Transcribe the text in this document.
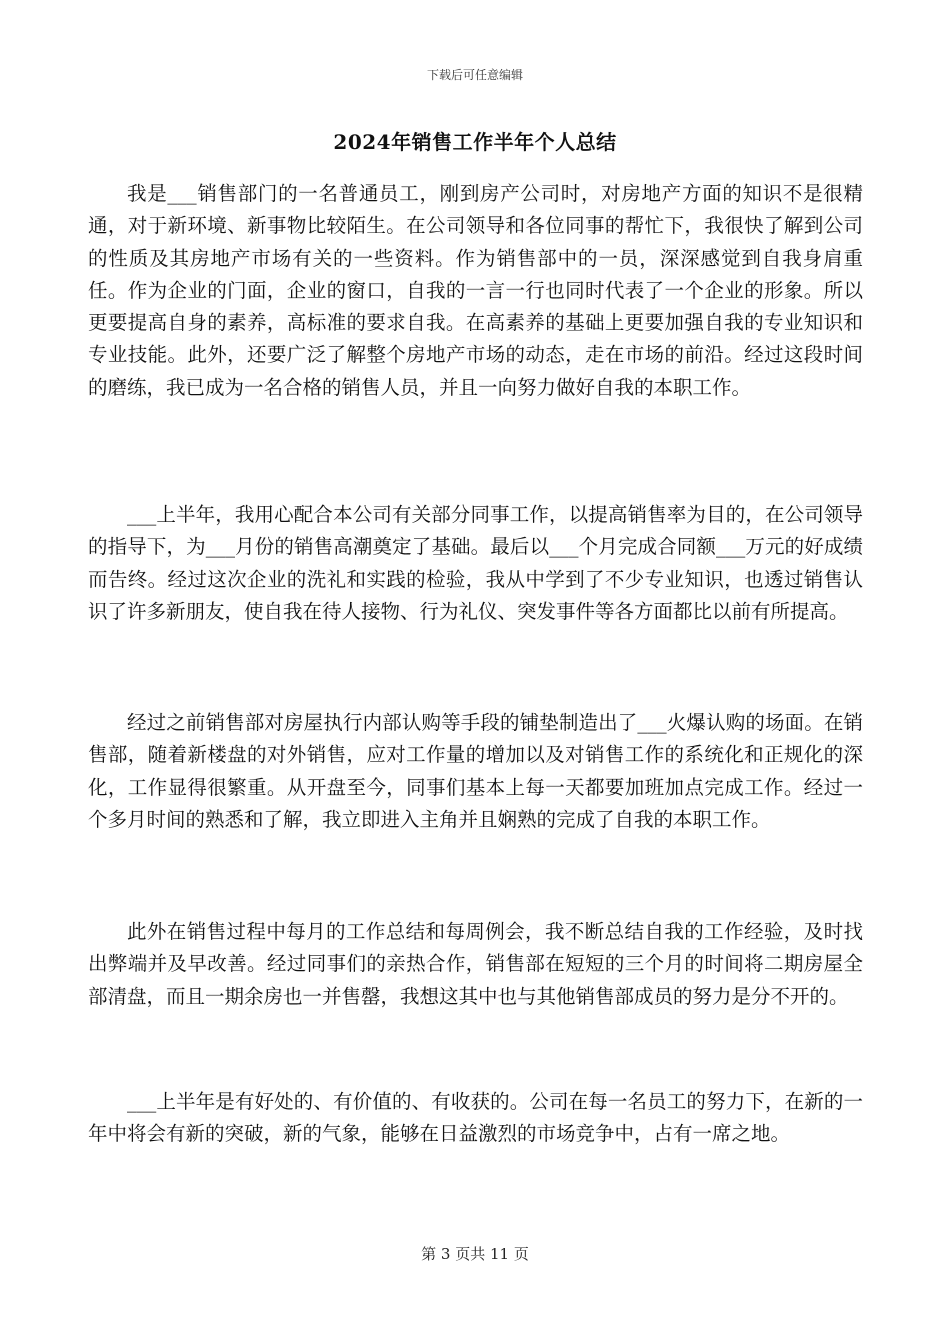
下载后可任意编辑
2024年销售工作半年个人总结

我是___销售部门的一名普通员工，刚到房产公司时，对房地产方面的知识不是很精通，对于新环境、新事物比较陌生。在公司领导和各位同事的帮忙下，我很快了解到公司的性质及其房地产市场有关的一些资料。作为销售部中的一员，深深感觉到自我身肩重任。作为企业的门面，企业的窗口，自我的一言一行也同时代表了一个企业的形象。所以更要提高自身的素养，高标准的要求自我。在高素养的基础上更要加强自我的专业知识和专业技能。此外，还要广泛了解整个房地产市场的动态，走在市场的前沿。经过这段时间的磨练，我已成为一名合格的销售人员，并且一向努力做好自我的本职工作。

___上半年，我用心配合本公司有关部分同事工作，以提高销售率为目的，在公司领导的指导下，为___月份的销售高潮奠定了基础。最后以___个月完成合同额___万元的好成绩而告终。经过这次企业的洗礼和实践的检验，我从中学到了不少专业知识，也透过销售认识了许多新朋友，使自我在待人接物、行为礼仪、突发事件等各方面都比以前有所提高。

经过之前销售部对房屋执行内部认购等手段的铺垫制造出了___火爆认购的场面。在销售部，随着新楼盘的对外销售，应对工作量的增加以及对销售工作的系统化和正规化的深化，工作显得很繁重。从开盘至今，同事们基本上每一天都要加班加点完成工作。经过一个多月时间的熟悉和了解，我立即进入主角并且娴熟的完成了自我的本职工作。

此外在销售过程中每月的工作总结和每周例会，我不断总结自我的工作经验，及时找出弊端并及早改善。经过同事们的亲热合作，销售部在短短的三个月的时间将二期房屋全部清盘，而且一期余房也一并售罄，我想这其中也与其他销售部成员的努力是分不开的。

___上半年是有好处的、有价值的、有收获的。公司在每一名员工的努力下，在新的一年中将会有新的突破，新的气象，能够在日益激烈的市场竞争中，占有一席之地。

第 3 页共 11 页
